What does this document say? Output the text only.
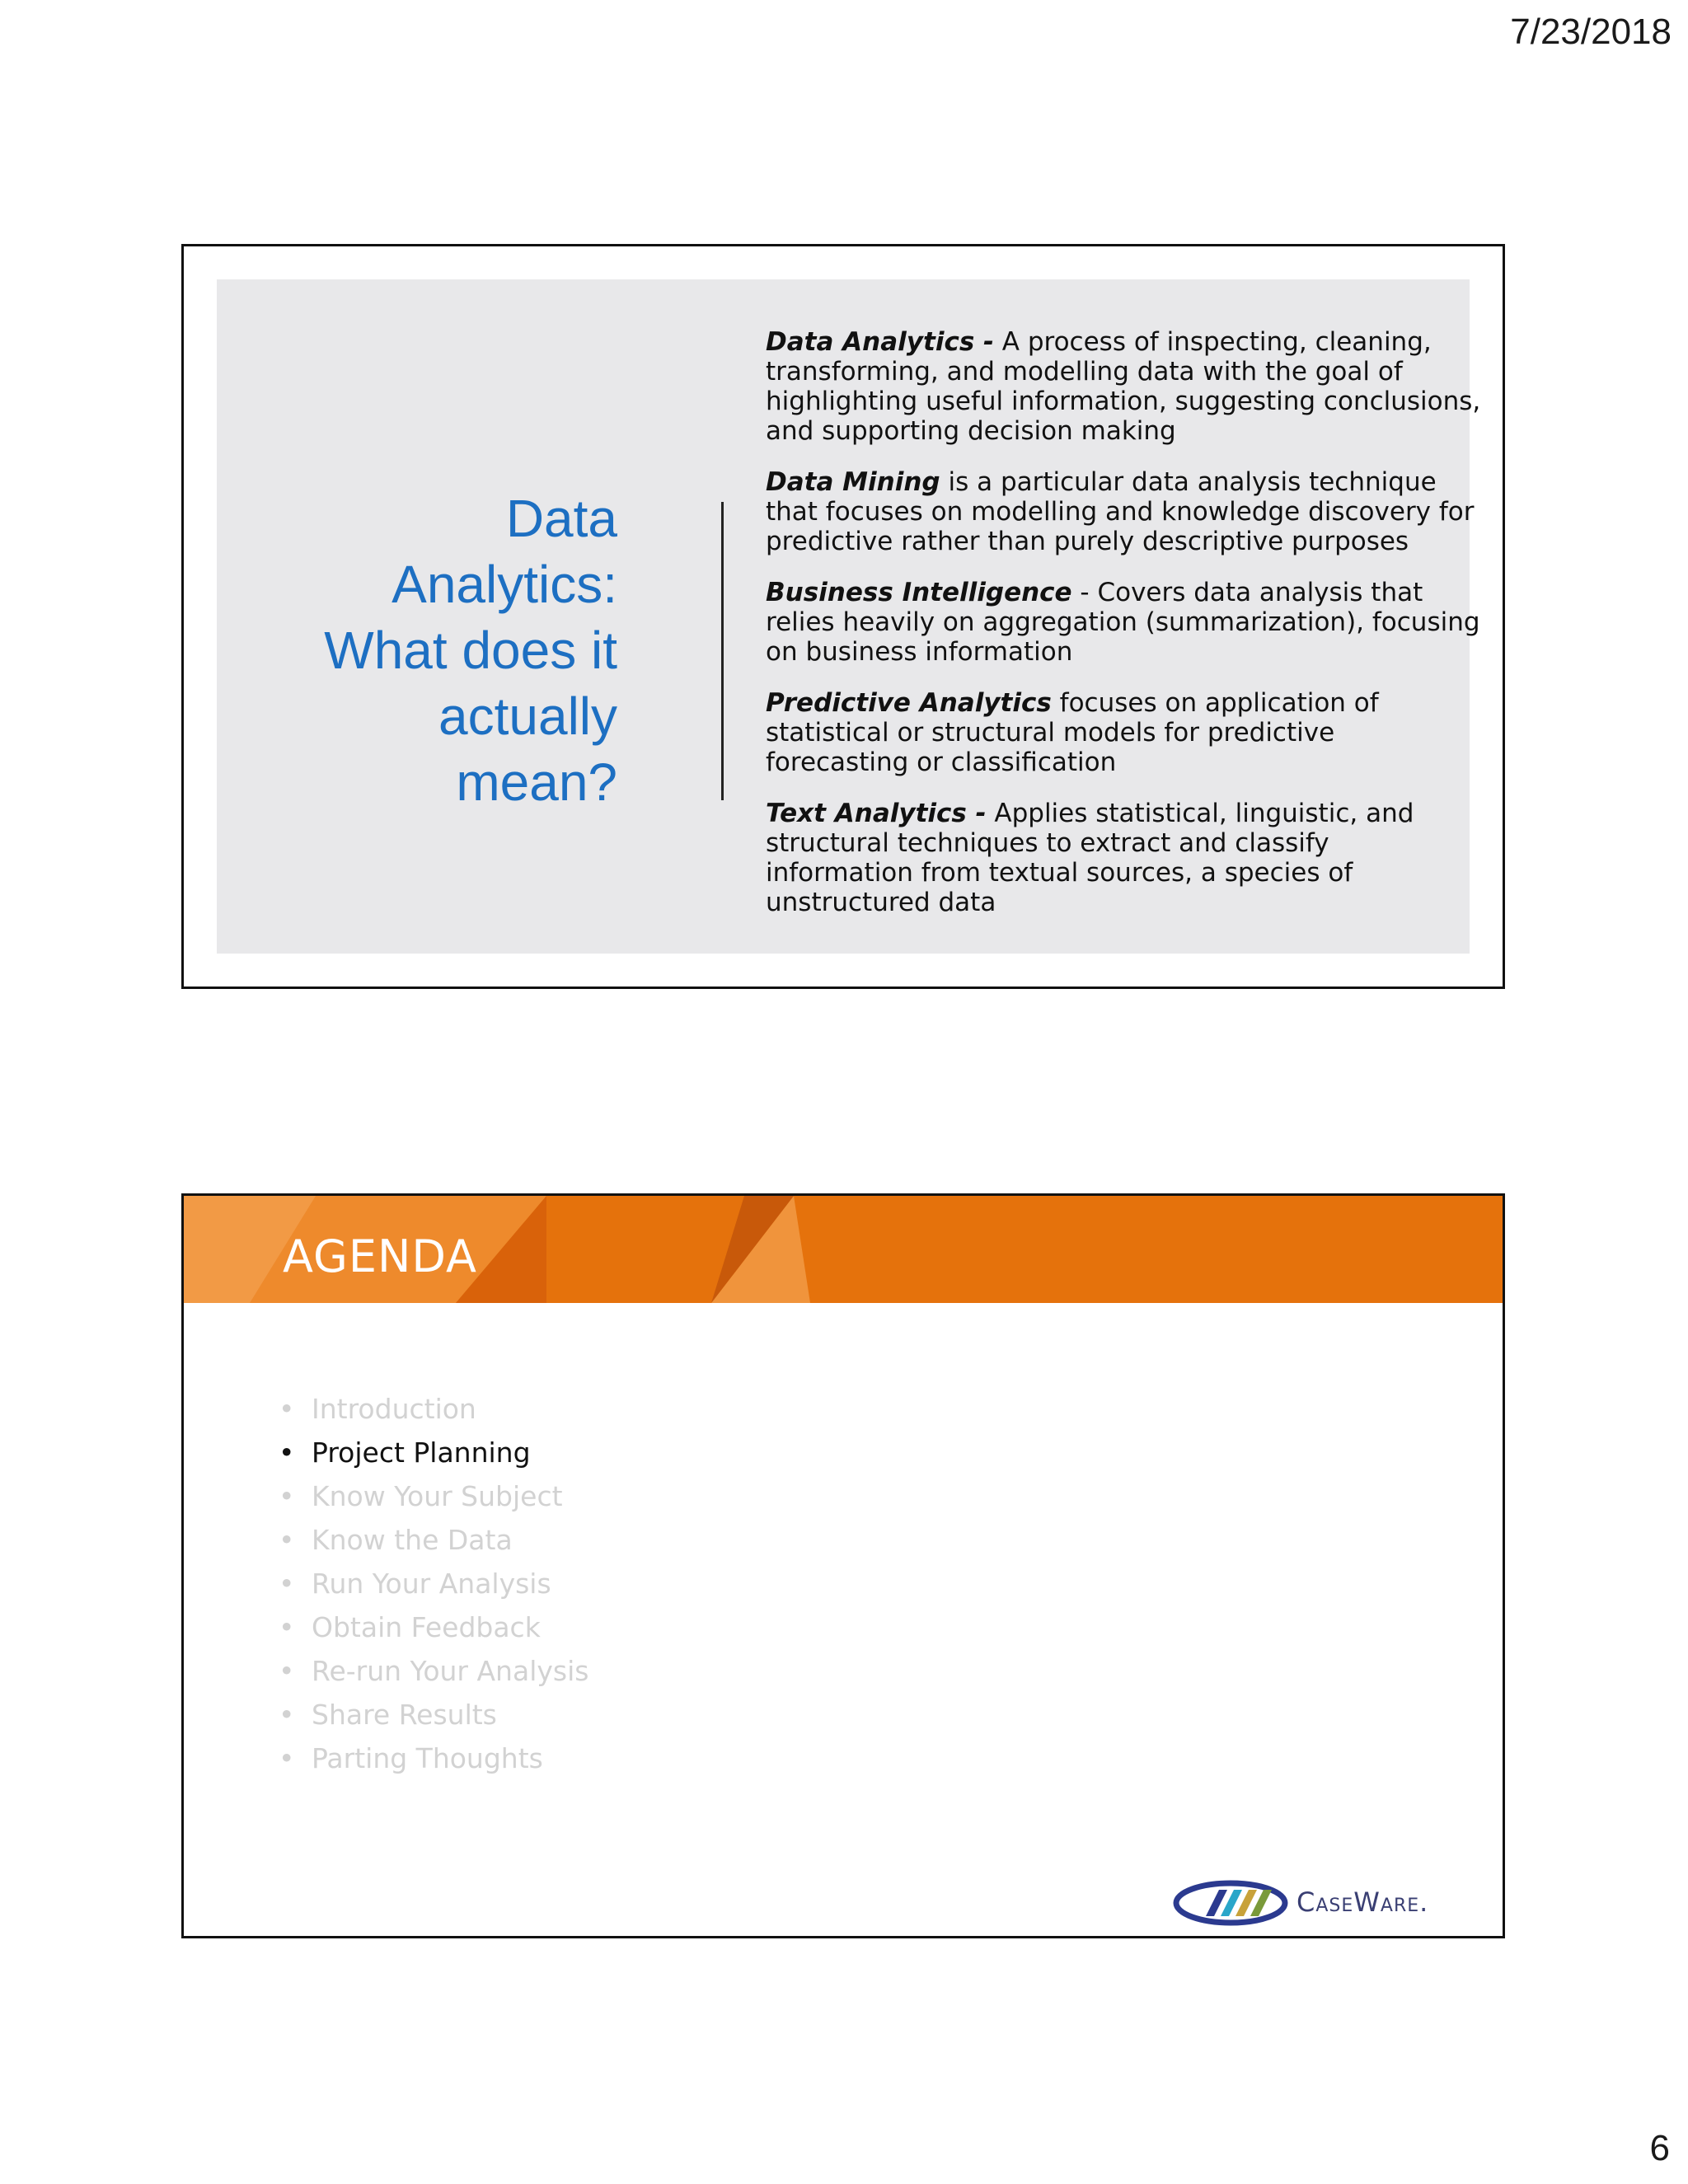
7/23/2018
Data
Analytics:
What does it
actually
mean?

Data Analytics - A process of inspecting, cleaning, transforming, and modelling data with the goal of highlighting useful information, suggesting conclusions, and supporting decision making

Data Mining is a particular data analysis technique that focuses on modelling and knowledge discovery for predictive rather than purely descriptive purposes

Business Intelligence - Covers data analysis that relies heavily on aggregation (summarization), focusing on business information

Predictive Analytics focuses on application of statistical or structural models for predictive forecasting or classification

Text Analytics - Applies statistical, linguistic, and structural techniques to extract and classify information from textual sources, a species of unstructured data

AGENDA
• Introduction
• Project Planning
• Know Your Subject
• Know the Data
• Run Your Analysis
• Obtain Feedback
• Re-run Your Analysis
• Share Results
• Parting Thoughts
CaseWare.
6
